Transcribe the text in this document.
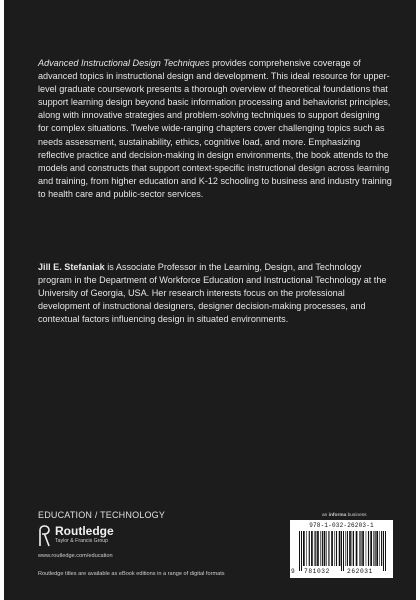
Advanced Instructional Design Techniques provides comprehensive coverage of advanced topics in instructional design and development. This ideal resource for upper-level graduate coursework presents a thorough overview of theoretical foundations that support learning design beyond basic information processing and behaviorist principles, along with innovative strategies and problem-solving techniques to support designing for complex situations. Twelve wide-ranging chapters cover challenging topics such as needs assessment, sustainability, ethics, cognitive load, and more. Emphasizing reflective practice and decision-making in design environments, the book attends to the models and constructs that support context-specific instructional design across learning and training, from higher education and K-12 schooling to business and industry training to health care and public-sector services.

Jill E. Stefaniak is Associate Professor in the Learning, Design, and Technology program in the Department of Workforce Education and Instructional Technology at the University of Georgia, USA. Her research interests focus on the professional development of instructional designers, designer decision-making processes, and contextual factors influencing design in situated environments.

EDUCATION / TECHNOLOGY
Routledge
Taylor & Francis Group
www.routledge.com/education
Routledge titles are available as eBook editions in a range of digital formats
an informa business
978-1-032-26203-1
9 781032	262031
